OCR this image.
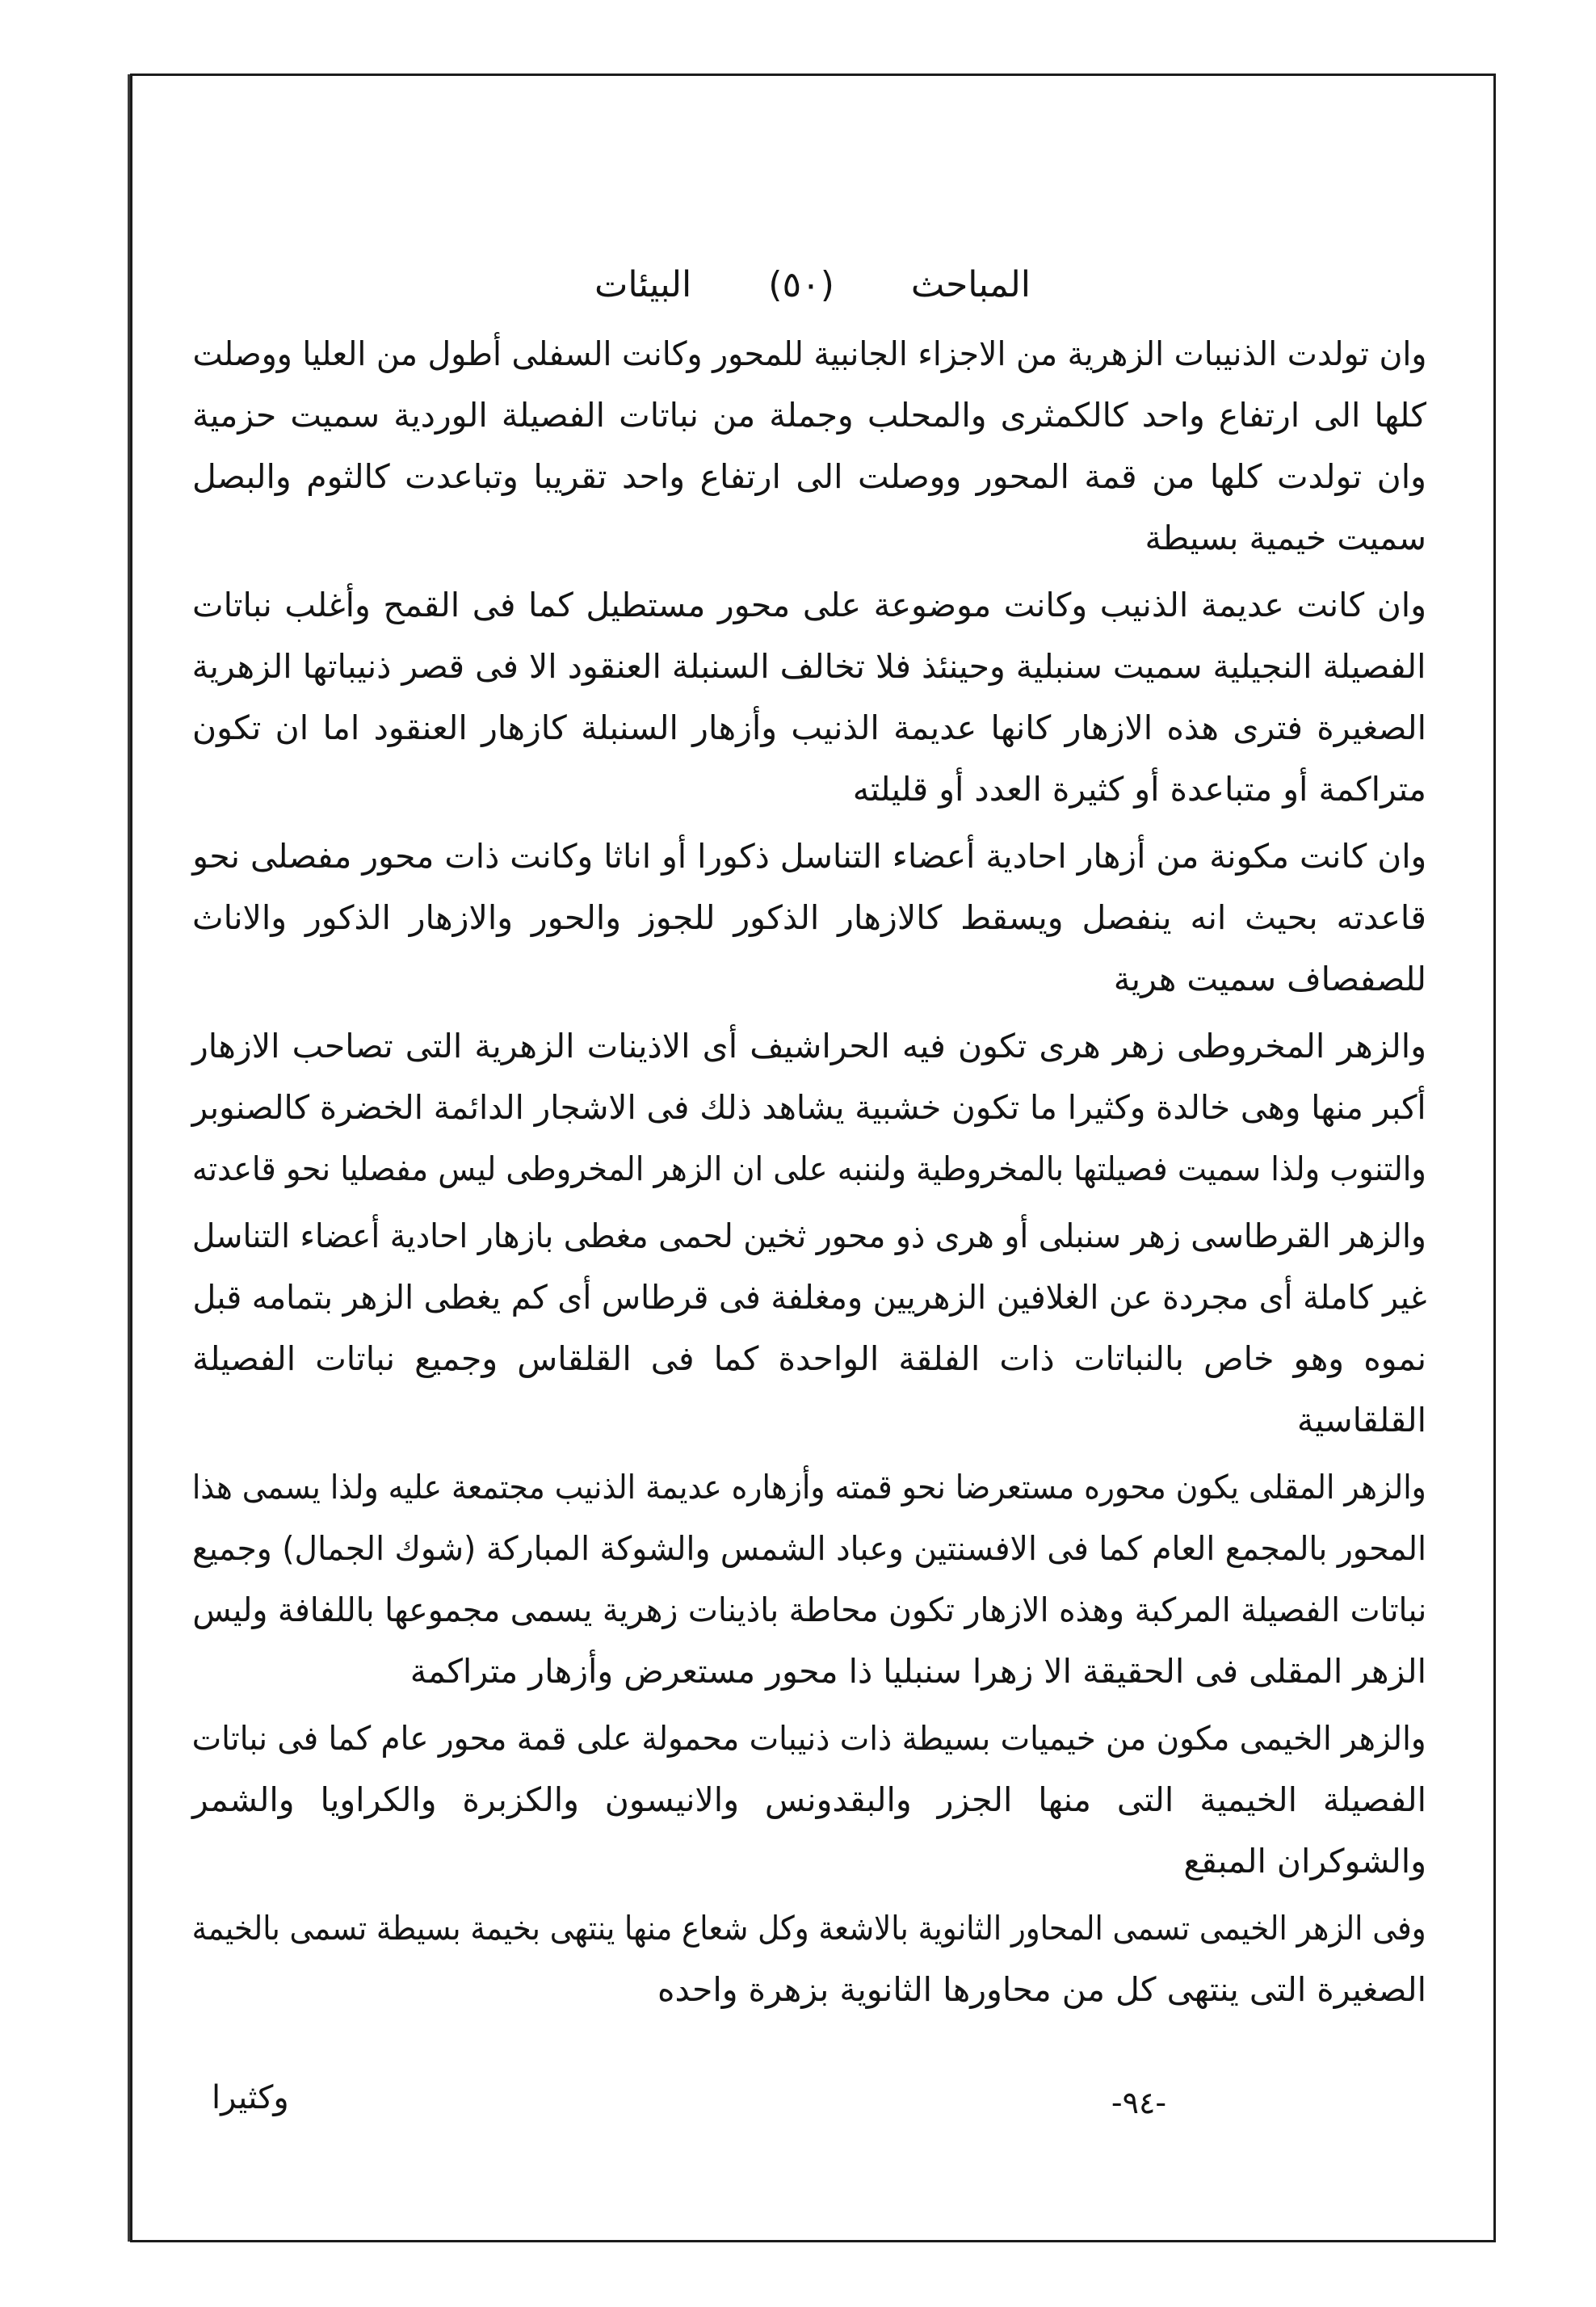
المباحث
(٥٠)
البيئات
وان تولدت الذنيبات الزهرية من الاجزاء الجانبية للمحور وكانت السفلى أطول من العليا ووصلت
كلها الى ارتفاع واحد كالكمثرى والمحلب وجملة من نباتات الفصيلة الوردية سميت حزمية
وان تولدت كلها من قمة المحور ووصلت الى ارتفاع واحد تقريبا وتباعدت كالثوم والبصل
سميت خيمية بسيطة
وان كانت عديمة الذنيب وكانت موضوعة على محور مستطيل كما فى القمح وأغلب نباتات
الفصيلة النجيلية سميت سنبلية وحينئذ فلا تخالف السنبلة العنقود الا فى قصر ذنيباتها الزهرية
الصغيرة فترى هذه الازهار كانها عديمة الذنيب وأزهار السنبلة كازهار العنقود اما ان تكون
متراكمة أو متباعدة أو كثيرة العدد أو قليلته
وان كانت مكونة من أزهار احادية أعضاء التناسل ذكورا أو اناثا وكانت ذات محور مفصلى نحو
قاعدته بحيث انه ينفصل ويسقط كالازهار الذكور للجوز والحور والازهار الذكور والاناث
للصفصاف سميت هرية
والزهر المخروطى زهر هرى تكون فيه الحراشيف أى الاذينات الزهرية التى تصاحب الازهار
أكبر منها وهى خالدة وكثيرا ما تكون خشبية يشاهد ذلك فى الاشجار الدائمة الخضرة كالصنوبر
والتنوب ولذا سميت فصيلتها بالمخروطية ولننبه على ان الزهر المخروطى ليس مفصليا نحو قاعدته
والزهر القرطاسى زهر سنبلى أو هرى ذو محور ثخين لحمى مغطى بازهار احادية أعضاء التناسل
غير كاملة أى مجردة عن الغلافين الزهريين ومغلفة فى قرطاس أى كم يغطى الزهر بتمامه قبل
نموه وهو خاص بالنباتات ذات الفلقة الواحدة كما فى القلقاس وجميع نباتات الفصيلة
القلقاسية
والزهر المقلى يكون محوره مستعرضا نحو قمته وأزهاره عديمة الذنيب مجتمعة عليه ولذا يسمى هذا
المحور بالمجمع العام كما فى الافسنتين وعباد الشمس والشوكة المباركة (شوك الجمال) وجميع
نباتات الفصيلة المركبة وهذه الازهار تكون محاطة باذينات زهرية يسمى مجموعها باللفافة وليس
الزهر المقلى فى الحقيقة الا زهرا سنبليا ذا محور مستعرض وأزهار متراكمة
والزهر الخيمى مكون من خيميات بسيطة ذات ذنيبات محمولة على قمة محور عام كما فى نباتات
الفصيلة الخيمية التى منها الجزر والبقدونس والانيسون والكزبرة والكراويا والشمر
والشوكران المبقع
وفى الزهر الخيمى تسمى المحاور الثانوية بالاشعة وكل شعاع منها ينتهى بخيمة بسيطة تسمى بالخيمة
الصغيرة التى ينتهى كل من محاورها الثانوية بزهرة واحده
وكثيرا	-٩٤-
